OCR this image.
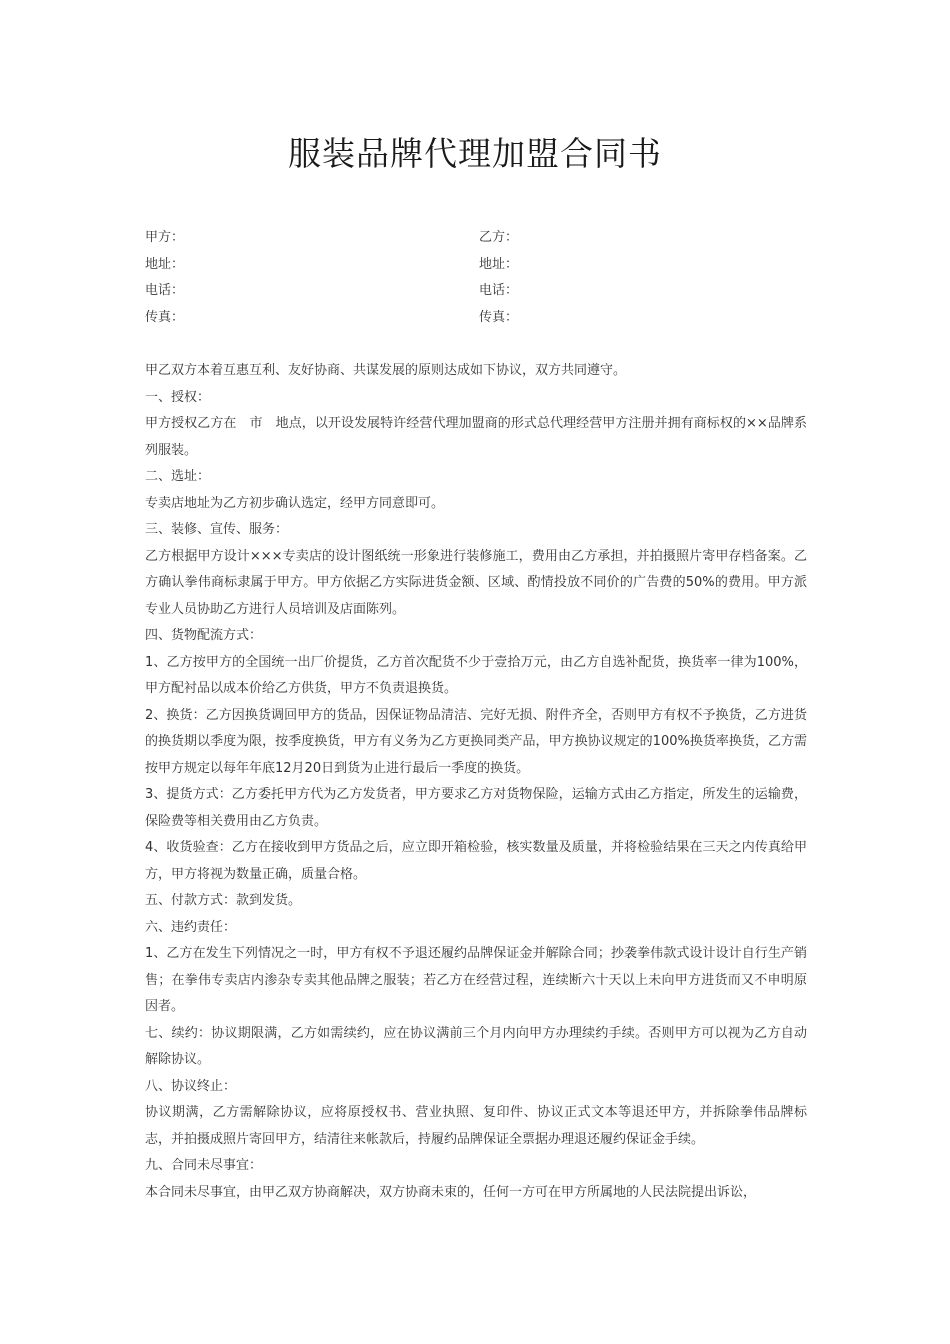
服装品牌代理加盟合同书
甲方：	乙方：
地址：	地址：
电话：	电话：
传真：	传真：

甲乙双方本着互惠互利、友好协商、共谋发展的原则达成如下协议，双方共同遵守。

一、授权：

甲方授权乙方在　市　地点，以开设发展特许经营代理加盟商的形式总代理经营甲方注册并拥有商标权的××品牌系列服装。

二、选址：

专卖店地址为乙方初步确认选定，经甲方同意即可。

三、装修、宣传、服务：

乙方根据甲方设计×××专卖店的设计图纸统一形象进行装修施工，费用由乙方承担，并拍摄照片寄甲存档备案。乙方确认拳伟商标隶属于甲方。甲方依据乙方实际进货金额、区域、酌情投放不同价的广告费的50%的费用。甲方派专业人员协助乙方进行人员培训及店面陈列。

四、货物配流方式：

1、乙方按甲方的全国统一出厂价提货，乙方首次配货不少于壹拾万元，由乙方自选补配货，换货率一律为100%，甲方配衬品以成本价给乙方供货，甲方不负责退换货。

2、换货：乙方因换货调回甲方的货品，因保证物品清洁、完好无损、附件齐全，否则甲方有权不予换货，乙方进货的换货期以季度为限，按季度换货，甲方有义务为乙方更换同类产品，甲方换协议规定的100%换货率换货，乙方需按甲方规定以每年年底12月20日到货为止进行最后一季度的换货。

3、提货方式：乙方委托甲方代为乙方发货者，甲方要求乙方对货物保险，运输方式由乙方指定，所发生的运输费，保险费等相关费用由乙方负责。

4、收货验查：乙方在接收到甲方货品之后，应立即开箱检验，核实数量及质量，并将检验结果在三天之内传真给甲方，甲方将视为数量正确，质量合格。

五、付款方式：款到发货。

六、违约责任：

1、乙方在发生下列情况之一时，甲方有权不予退还履约品牌保证金并解除合同；抄袭拳伟款式设计设计自行生产销售；在拳伟专卖店内渗杂专卖其他品牌之服装；若乙方在经营过程，连续断六十天以上未向甲方进货而又不申明原因者。

七、续约：协议期限满，乙方如需续约，应在协议满前三个月内向甲方办理续约手续。否则甲方可以视为乙方自动解除协议。

八、协议终止：

协议期满，乙方需解除协议，应将原授权书、营业执照、复印件、协议正式文本等退还甲方，并拆除拳伟品牌标志，并拍摄成照片寄回甲方，结清往来帐款后，持履约品牌保证全票据办理退还履约保证金手续。

九、合同未尽事宜：

本合同未尽事宜，由甲乙双方协商解决，双方协商未束的，任何一方可在甲方所属地的人民法院提出诉讼，
